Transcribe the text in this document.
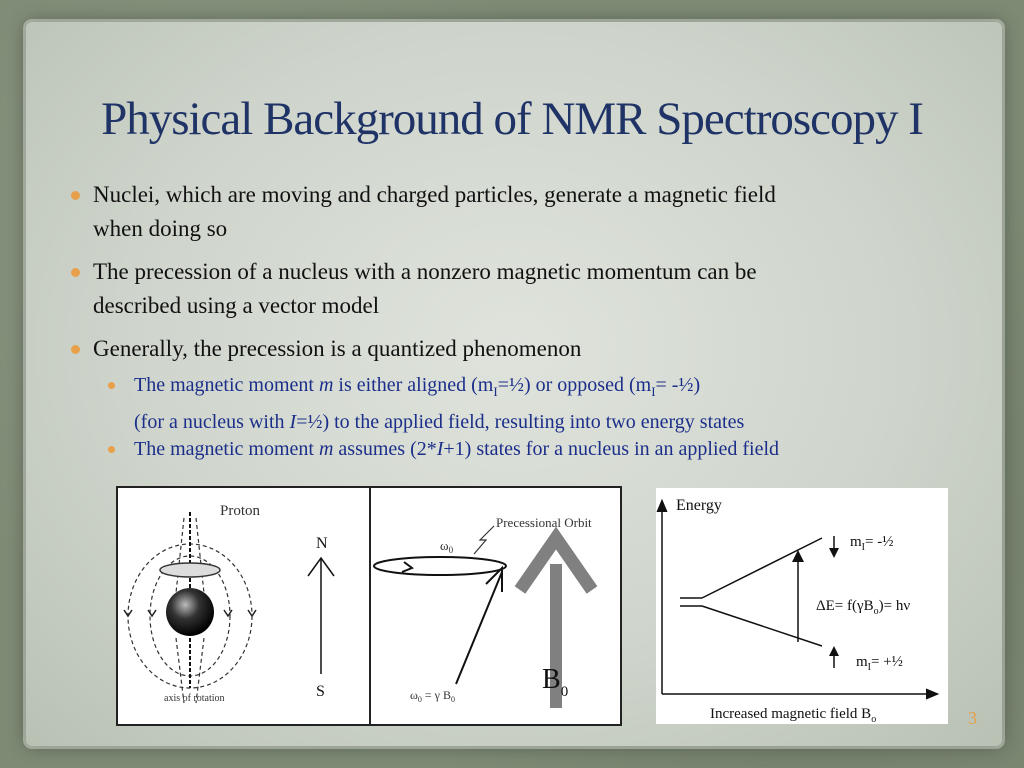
Physical Background of NMR Spectroscopy I
Nuclei, which are moving and charged particles, generate a magnetic field
when doing so
The precession of a nucleus with a nonzero magnetic momentum can be
described using a vector model
Generally, the precession is a quantized phenomenon
The magnetic moment m is either aligned $(m_I=\frac{1}{2})$ or opposed ($m_I=$ -½)
(for a nucleus with I=½) to the applied field, resulting into two energy states
The magnetic moment m assumes (2*I+1) states for a nucleus in an applied field
Proton
axis of rotation
N
S
Precessional Orbit
$\omega_0$
$\omega_0 = \gamma$ $B_0$
$B_0$
Energy
$m_I=$ -½
$\Delta E= f(\gamma B_o)= h\nu$
$m_I=$ +½
Increased magnetic field $B_o$	3
